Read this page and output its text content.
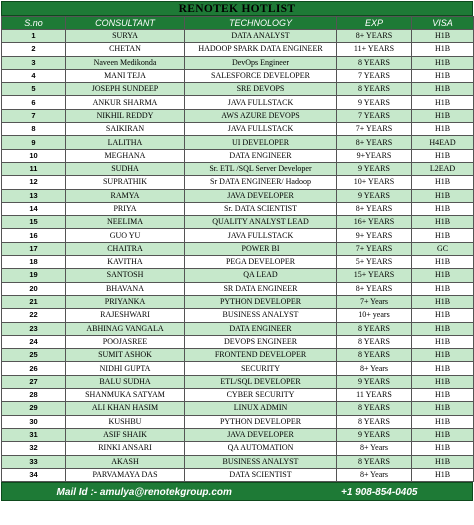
RENOTEK HOTLIST
S.no	CONSULTANT	TECHNOLOGY	EXP	VISA
1	SURYA	DATA ANALYST	8+ YEARS	H1B
2	CHETAN	HADOOP SPARK DATA ENGINEER	11+ YEARS	H1B
3	Naveen Medikonda	DevOps Engineer	8 YEARS	H1B
4	MANI TEJA	SALESFORCE DEVELOPER	7 YEARS	H1B
5	JOSEPH SUNDEEP	SRE DEVOPS	8 YEARS	H1B
6	ANKUR SHARMA	JAVA FULLSTACK	9 YEARS	H1B
7	NIKHIL REDDY	AWS AZURE DEVOPS	7 YEARS	H1B
8	SAIKIRAN	JAVA FULLSTACK	7+ YEARS	H1B
9	LALITHA	UI DEVELOPER	8+ YEARS	H4EAD
10	MEGHANA	DATA ENGINEER	9+YEARS	H1B
11	SUDHA	Sr. ETL /SQL Server Developer	9 YEARS	L2EAD
12	SUPRATHIK	Sr DATA ENGINEER/ Hadoop	10+ YEARS	H1B
13	RAMYA	JAVA DEVELOPER	9 YEARS	H1B
14	PRIYA	Sr. DATA SCIENTIST	8+ YEARS	H1B
15	NEELIMA	QUALITY ANALYST LEAD	16+ YEARS	H1B
16	GUO YU	JAVA FULLSTACK	9+ YEARS	H1B
17	CHAITRA	POWER BI	7+ YEARS	GC
18	KAVITHA	PEGA DEVELOPER	5+ YEARS	H1B
19	SANTOSH	QA LEAD	15+ YEARS	H1B
20	BHAVANA	SR DATA ENGINEER	8+ YEARS	H1B
21	PRIYANKA	PYTHON DEVELOPER	7+ Years	H1B
22	RAJESHWARI	BUSINESS ANALYST	10+ years	H1B
23	ABHINAG VANGALA	DATA ENGINEER	8 YEARS	H1B
24	POOJASREE	DEVOPS ENGINEER	8 YEARS	H1B
25	SUMIT ASHOK	FRONTEND DEVELOPER	8 YEARS	H1B
26	NIDHI GUPTA	SECURITY	8+ Years	H1B
27	BALU SUDHA	ETL/SQL DEVELOPER	9 YEARS	H1B
28	SHANMUKA SATYAM	CYBER SECURITY	11 YEARS	H1B
29	ALI KHAN HASIM	LINUX ADMIN	8 YEARS	H1B
30	KUSHBU	PYTHON DEVELOPER	8 YEARS	H1B
31	ASIF SHAIK	JAVA DEVELOPER	9 YEARS	H1B
32	RINKI ANSARI	QA AUTOMATION	8+ Years	H1B
33	AKASH	BUSINESS ANALYST	8 YEARS	H1B
34	PARVAMAYA DAS	DATA SCIENTIST	8+ Years	H1B
Mail Id :- amulya@renotekgroup.com	+1 908-854-0405
